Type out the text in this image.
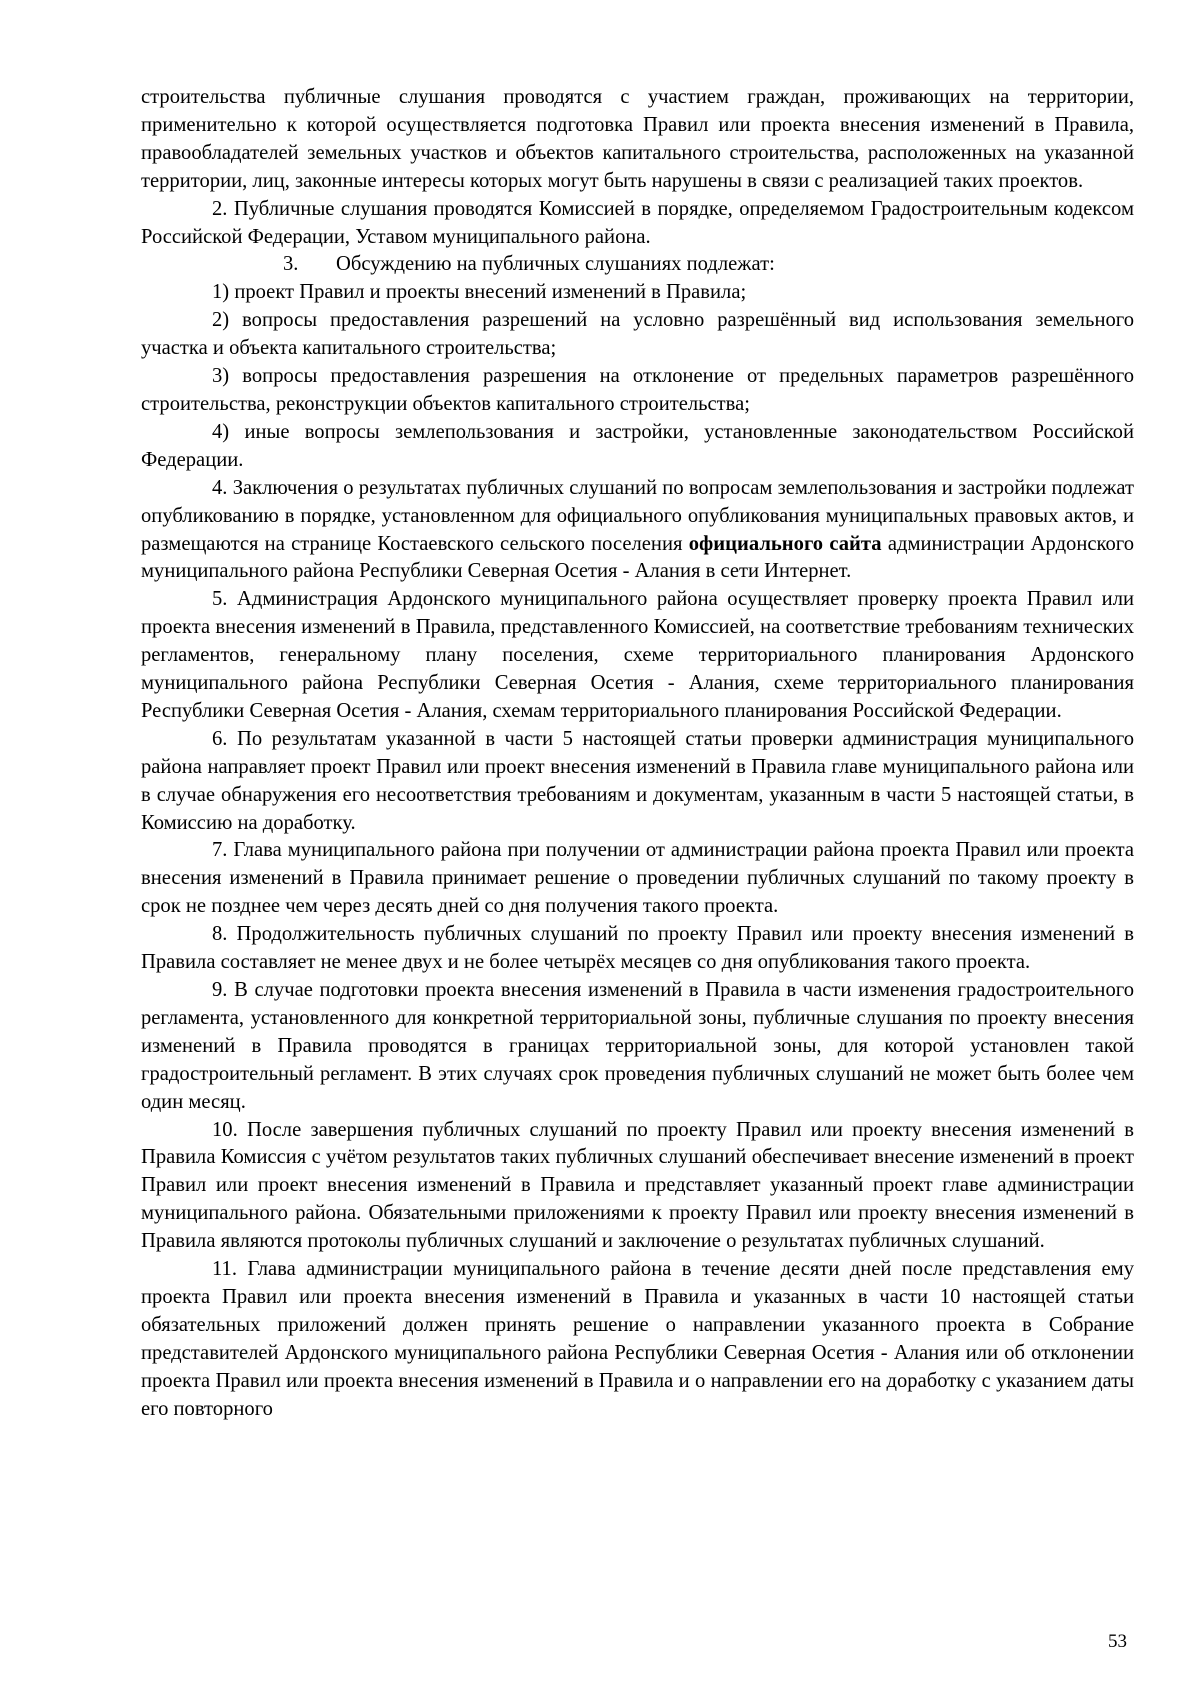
строительства публичные слушания проводятся с участием граждан, проживающих на территории, применительно к которой осуществляется подготовка Правил или проекта внесения изменений в Правила, правообладателей земельных участков и объектов капитального строительства, расположенных на указанной территории, лиц, законные интересы которых могут быть нарушены в связи с реализацией таких проектов.

2. Публичные слушания проводятся Комиссией в порядке, определяемом Градостроительным кодексом Российской Федерации, Уставом муниципального района.

3. Обсуждению на публичных слушаниях подлежат:

1) проект Правил и проекты внесений изменений в Правила;

2) вопросы предоставления разрешений на условно разрешённый вид использования земельного участка и объекта капитального строительства;

3) вопросы предоставления разрешения на отклонение от предельных параметров разрешённого строительства, реконструкции объектов капитального строительства;

4) иные вопросы землепользования и застройки, установленные законодательством Российской Федерации.

4. Заключения о результатах публичных слушаний по вопросам землепользования и застройки подлежат опубликованию в порядке, установленном для официального опубликования муниципальных правовых актов, и размещаются на странице Костаевского сельского поселения официального сайта администрации Ардонского муниципального района Республики Северная Осетия - Алания в сети Интернет.

5. Администрация Ардонского муниципального района осуществляет проверку проекта Правил или проекта внесения изменений в Правила, представленного Комиссией, на соответствие требованиям технических регламентов, генеральному плану поселения, схеме территориального планирования Ардонского муниципального района Республики Северная Осетия - Алания, схеме территориального планирования Республики Северная Осетия - Алания, схемам территориального планирования Российской Федерации.

6. По результатам указанной в части 5 настоящей статьи проверки администрация муниципального района направляет проект Правил или проект внесения изменений в Правила главе муниципального района или в случае обнаружения его несоответствия требованиям и документам, указанным в части 5 настоящей статьи, в Комиссию на доработку.

7. Глава муниципального района при получении от администрации района проекта Правил или проекта внесения изменений в Правила принимает решение о проведении публичных слушаний по такому проекту в срок не позднее чем через десять дней со дня получения такого проекта.

8. Продолжительность публичных слушаний по проекту Правил или проекту внесения изменений в Правила составляет не менее двух и не более четырёх месяцев со дня опубликования такого проекта.

9. В случае подготовки проекта внесения изменений в Правила в части изменения градостроительного регламента, установленного для конкретной территориальной зоны, публичные слушания по проекту внесения изменений в Правила проводятся в границах территориальной зоны, для которой установлен такой градостроительный регламент. В этих случаях срок проведения публичных слушаний не может быть более чем один месяц.

10. После завершения публичных слушаний по проекту Правил или проекту внесения изменений в Правила Комиссия с учётом результатов таких публичных слушаний обеспечивает внесение изменений в проект Правил или проект внесения изменений в Правила и представляет указанный проект главе администрации муниципального района. Обязательными приложениями к проекту Правил или проекту внесения изменений в Правила являются протоколы публичных слушаний и заключение о результатах публичных слушаний.

11. Глава администрации муниципального района в течение десяти дней после представления ему проекта Правил или проекта внесения изменений в Правила и указанных в части 10 настоящей статьи обязательных приложений должен принять решение о направлении указанного проекта в Собрание представителей Ардонского муниципального района Республики Северная Осетия - Алания или об отклонении проекта Правил или проекта внесения изменений в Правила и о направлении его на доработку с указанием даты его повторного

53
